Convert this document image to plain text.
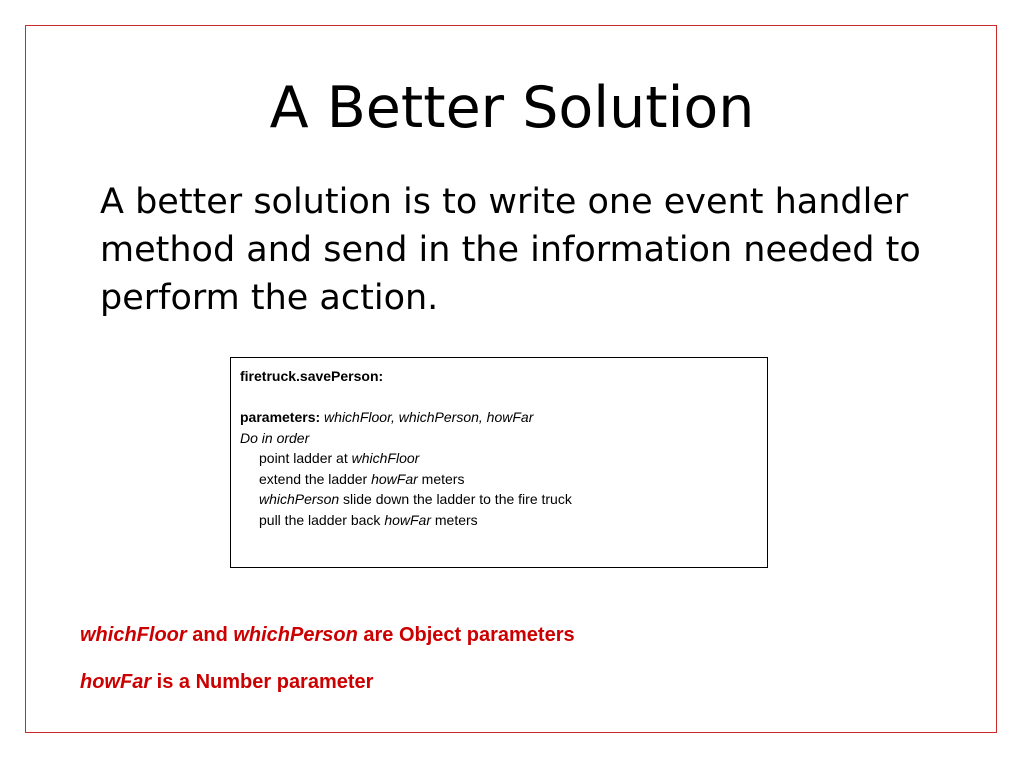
A Better Solution

A better solution is to write one event handler method and send in the information needed to perform the action.

firetruck.savePerson:
parameters: whichFloor, whichPerson, howFar
Do in order
point ladder at whichFloor
extend the ladder howFar meters
whichPerson slide down the ladder to the fire truck
pull the ladder back howFar meters
whichFloor and whichPerson are Object parameters
howFar is a Number parameter
